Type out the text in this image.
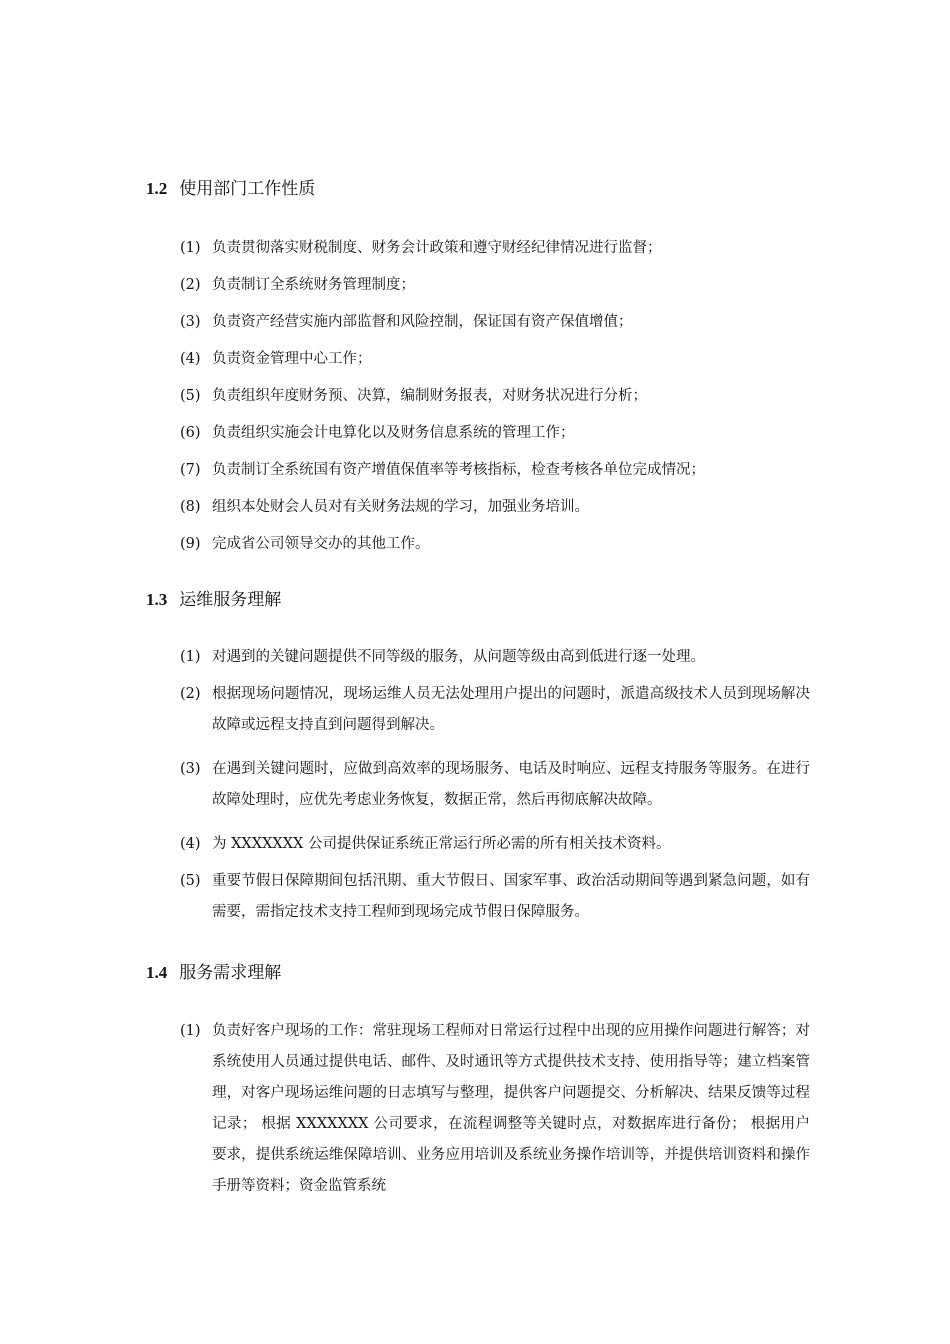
1.2 使用部门工作性质
(1) 负责贯彻落实财税制度、财务会计政策和遵守财经纪律情况进行监督；
(2) 负责制订全系统财务管理制度；
(3) 负责资产经营实施内部监督和风险控制，保证国有资产保值增值；
(4) 负责资金管理中心工作；
(5) 负责组织年度财务预、决算，编制财务报表，对财务状况进行分析；
(6) 负责组织实施会计电算化以及财务信息系统的管理工作；
(7) 负责制订全系统国有资产增值保值率等考核指标，检查考核各单位完成情况；
(8) 组织本处财会人员对有关财务法规的学习，加强业务培训。
(9) 完成省公司领导交办的其他工作。
1.3 运维服务理解
(1) 对遇到的关键问题提供不同等级的服务，从问题等级由高到低进行逐一处理。
(2) 根据现场问题情况，现场运维人员无法处理用户提出的问题时，派遣高级技术人员到现场解决故障或远程支持直到问题得到解决。
(3) 在遇到关键问题时，应做到高效率的现场服务、电话及时响应、远程支持服务等服务。在进行故障处理时，应优先考虑业务恢复，数据正常，然后再彻底解决故障。
(4) 为 XXXXXXX 公司提供保证系统正常运行所必需的所有相关技术资料。
(5) 重要节假日保障期间包括汛期、重大节假日、国家军事、政治活动期间等遇到紧急问题，如有需要，需指定技术支持工程师到现场完成节假日保障服务。
1.4 服务需求理解
(1) 负责好客户现场的工作：常驻现场工程师对日常运行过程中出现的应用操作问题进行解答；对系统使用人员通过提供电话、邮件、及时通讯等方式提供技术支持、使用指导等；建立档案管理，对客户现场运维问题的日志填写与整理，提供客户问题提交、分析解决、结果反馈等过程记录； 根据 XXXXXXX 公司要求，在流程调整等关键时点，对数据库进行备份； 根据用户要求，提供系统运维保障培训、业务应用培训及系统业务操作培训等，并提供培训资料和操作手册等资料；资金监管系统
